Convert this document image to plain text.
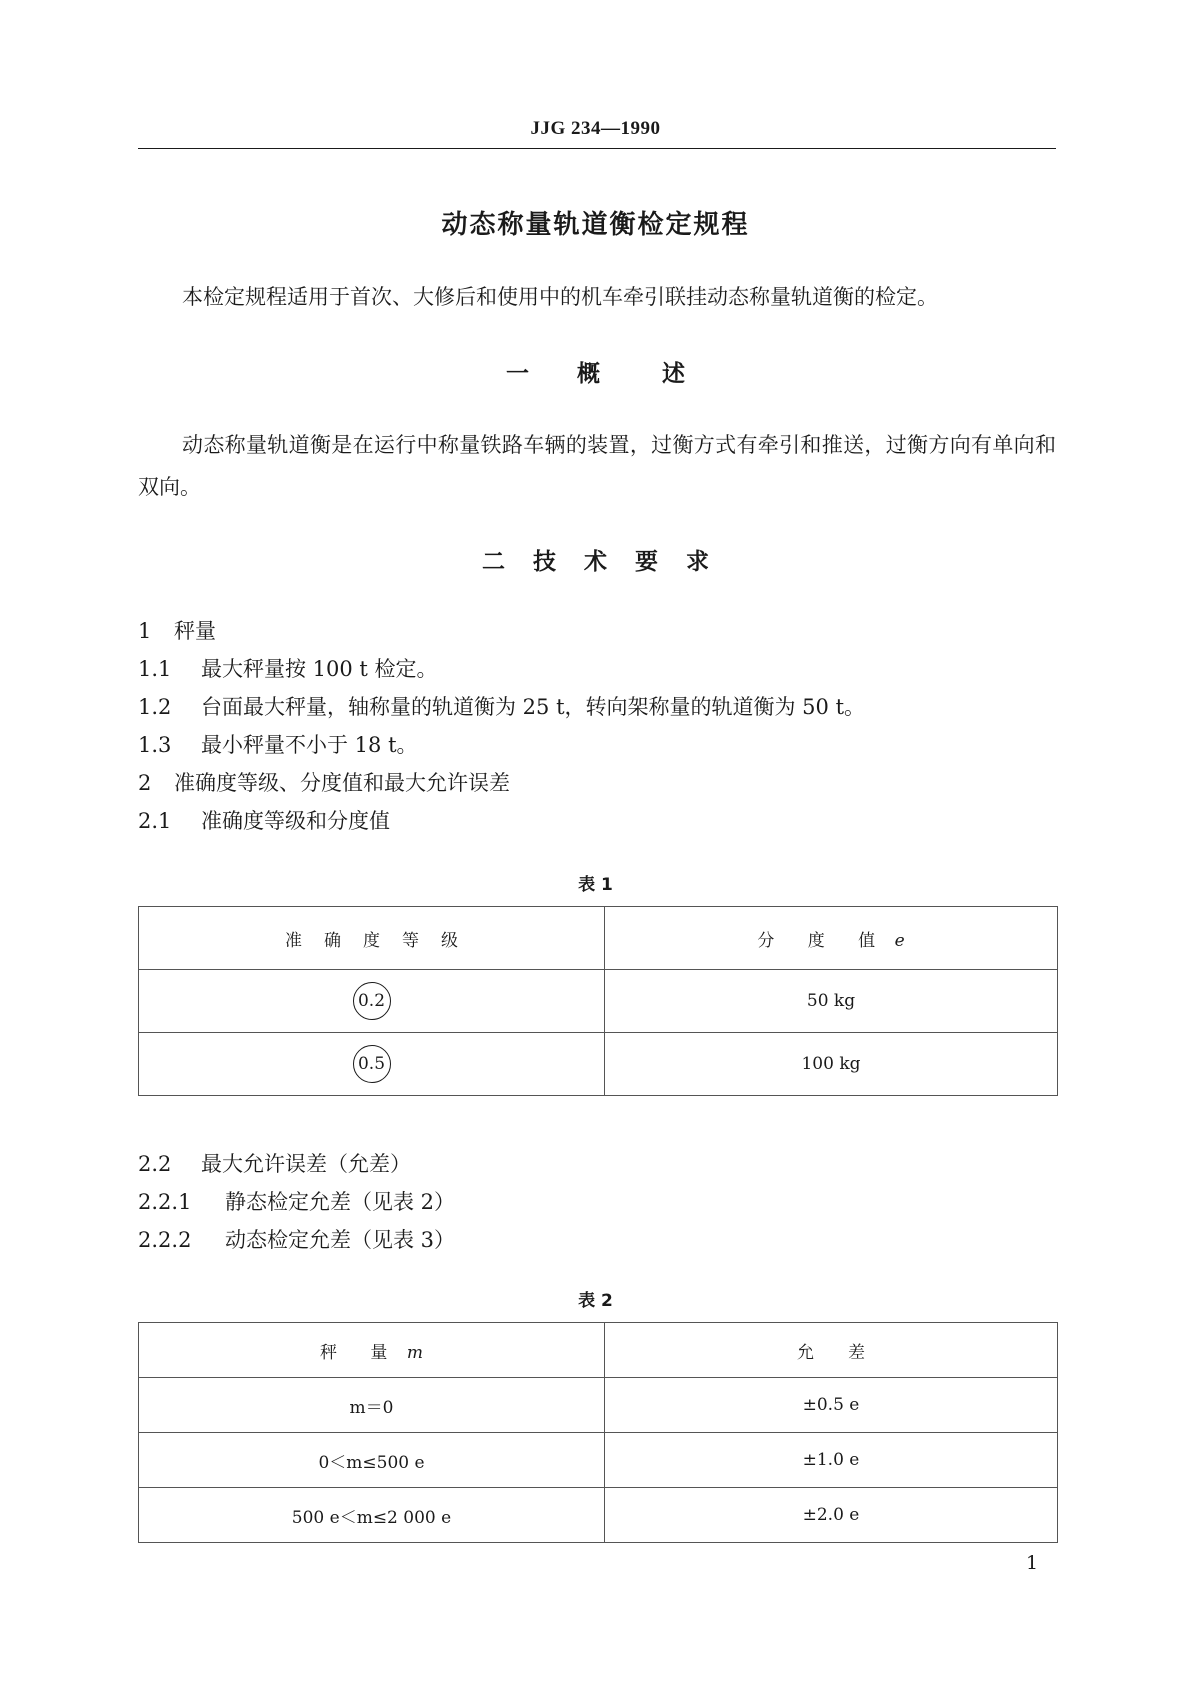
JJG 234—1990
动态称量轨道衡检定规程
本检定规程适用于首次、大修后和使用中的机车牵引联挂动态称量轨道衡的检定。
一 概	述
动态称量轨道衡是在运行中称量铁路车辆的装置，过衡方式有牵引和推送，过衡方向有单向和双向。
二 技 术 要 求
1 秤量
1.1 最大秤量按 100 t 检定。
1.2 台面最大秤量，轴称量的轨道衡为 25 t，转向架称量的轨道衡为 50 t。
1.3 最小秤量不小于 18 t。
2 准确度等级、分度值和最大允许误差
2.1 准确度等级和分度值
表 1
准确度等级	分 度 值 e
0.2	50 kg
0.5	100 kg
2.2 最大允许误差（允差）
2.2.1 静态检定允差（见表 2）
2.2.2 动态检定允差（见表 3）
表 2
秤 量 m	允　　差
m＝0	±0.5 e
0＜m≤500 e	±1.0 e
500 e＜m≤2 000 e	±2.0 e
1
